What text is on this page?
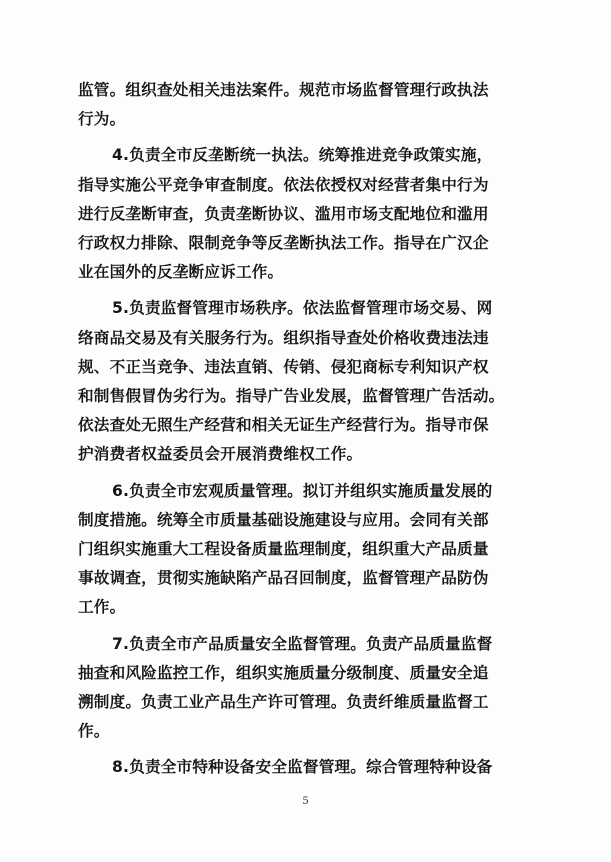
监管。组织查处相关违法案件。规范市场监督管理行政执法
行为。

4.负责全市反垄断统一执法。统筹推进竞争政策实施，
指导实施公平竞争审查制度。依法依授权对经营者集中行为
进行反垄断审查，负责垄断协议、滥用市场支配地位和滥用
行政权力排除、限制竞争等反垄断执法工作。指导在广汉企
业在国外的反垄断应诉工作。

5.负责监督管理市场秩序。依法监督管理市场交易、网
络商品交易及有关服务行为。组织指导查处价格收费违法违
规、不正当竞争、违法直销、传销、侵犯商标专利知识产权
和制售假冒伪劣行为。指导广告业发展，监督管理广告活动。
依法查处无照生产经营和相关无证生产经营行为。指导市保
护消费者权益委员会开展消费维权工作。

6.负责全市宏观质量管理。拟订并组织实施质量发展的
制度措施。统筹全市质量基础设施建设与应用。会同有关部
门组织实施重大工程设备质量监理制度，组织重大产品质量
事故调查，贯彻实施缺陷产品召回制度，监督管理产品防伪
工作。

7.负责全市产品质量安全监督管理。负责产品质量监督
抽查和风险监控工作，组织实施质量分级制度、质量安全追
溯制度。负责工业产品生产许可管理。负责纤维质量监督工
作。

8.负责全市特种设备安全监督管理。综合管理特种设备

5
